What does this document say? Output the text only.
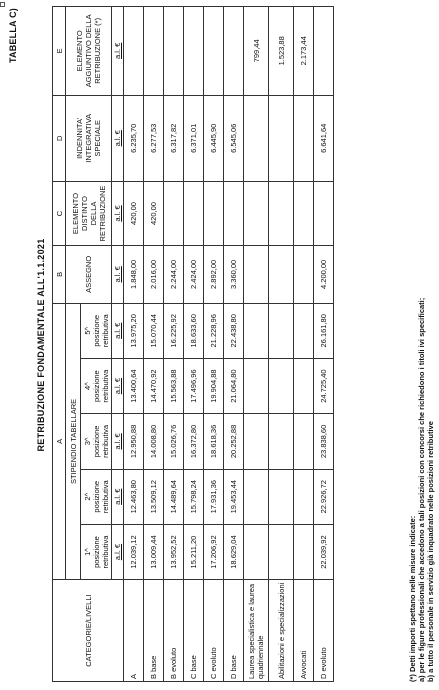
TABELLA C)
RETRIBUZIONE FONDAMENTALE ALL'1.1.2021
CATEGORIE/LIVELLI	A					B	C	D	E
	STIPENDIO TABELLARE					ASSEGNO	ELEMENTO DISTINTO DELLA RETRIBUZIONE	INDENNITA' INTEGRATIVA SPECIALE	ELEMENTO AGGIUNTIVO DELLA RETRIBUZIONE (*)
	1^
posizione
retributiva	2^
posizione
retributiva	3^
posizione
retributiva	4^
posizione
retributiva	5^
posizione
retributiva				
	a.l. €	a.l. €	a.l. €	a.l. €	a.l. €	a.l. €	a.l. €	a.l. €	a.l. €
A	12.039,12	12.463,80	12.950,88	13.400,64	13.975,20	1.848,00	420,00	6.235,70	
B base	13.009,44	13.509,12	14.008,80	14.470,92	15.070,44	2.016,00	420,00	6.277,53	
B evoluto	13.952,52	14.489,64	15.026,76	15.563,88	16.225,92	2.244,00		6.317,82	
C base	15.211,20	15.798,24	16.372,80	17.496,96	18.633,60	2.424,00		6.371,01	
C evoluto	17.206,92	17.931,36	18.618,36	19.904,88	21.228,96	2.892,00		6.445,90	
D base	18.629,04	19.453,44	20.252,88	21.064,80	22.438,80	3.360,00		6.545,06	
Laurea specialistica e laurea quadriennale									799,44
Abilitazioni e specializzazioni									1.523,88
Avvocati									2.173,44
D evoluto	22.039,92	22.926,72	23.838,60	24.725,40	26.161,80	4.200,00		6.641,64	
(*) Detti importi spettano nelle misure indicate: a) per le figure professionali che accedono a tali posizioni con concorsi che richiedono i titoli ivi specificati; b) a tutto il personale in servizio già inquadrato nelle posizioni retributive
